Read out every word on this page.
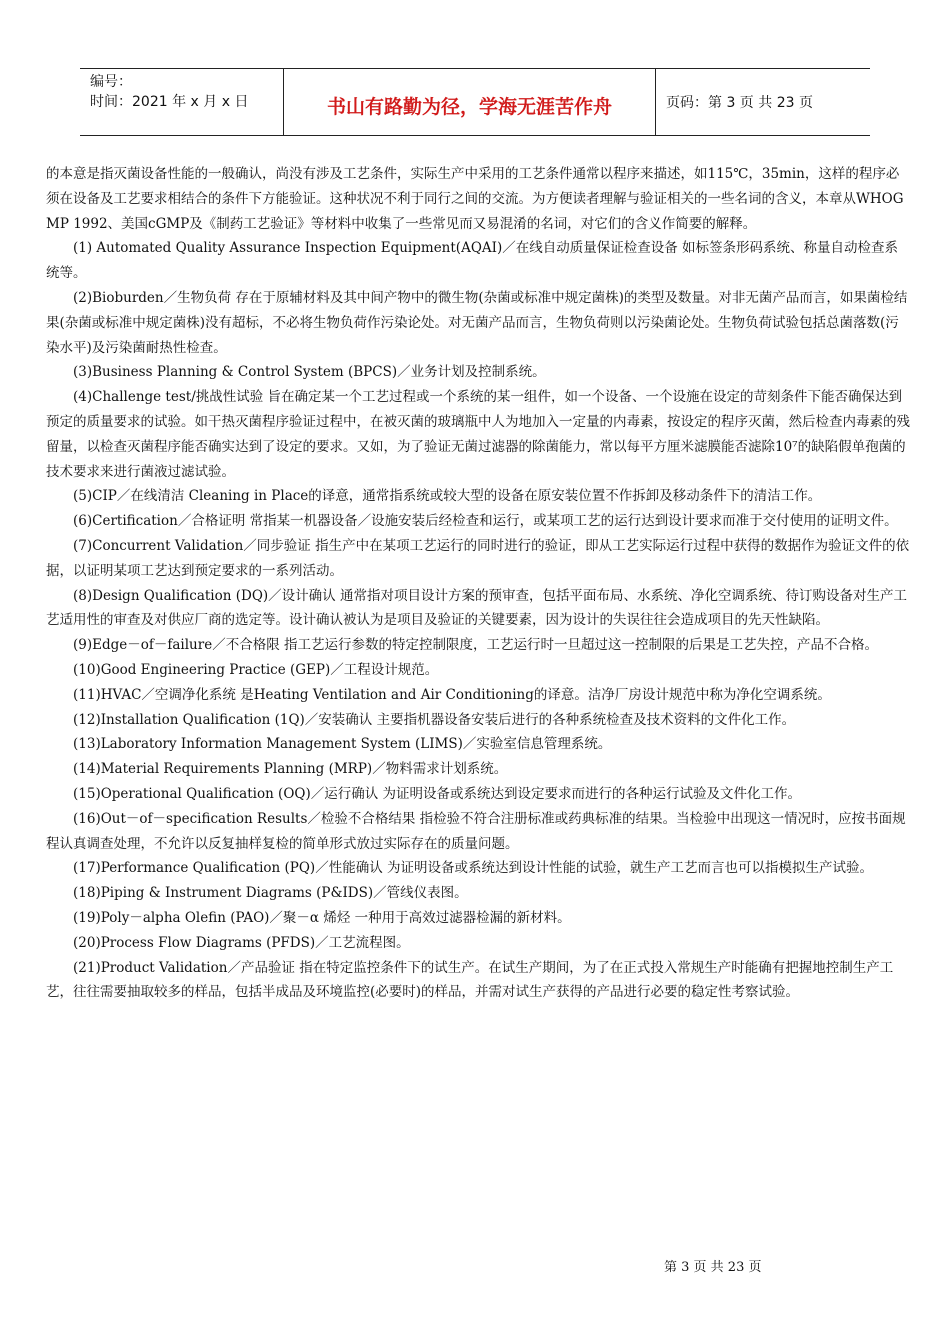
编号：
时间：2021 年 x 月 x 日	书山有路勤为径，学海无涯苦作舟	页码：第 3 页 共 23 页

的本意是指灭菌设备性能的一般确认，尚没有涉及工艺条件，实际生产中采用的工艺条件通常以程序来描述，如115℃，35min，这样的程序必须在设备及工艺要求相结合的条件下方能验证。这种状况不利于同行之间的交流。为方便读者理解与验证相关的一些名词的含义，本章从WHOGMP 1992、美国cGMP及《制药工艺验证》等材料中收集了一些常见而又易混淆的名词，对它们的含义作简要的解释。

(1) Automated Quality Assurance Inspection Equipment(AQAI)／在线自动质量保证检查设备 如标签条形码系统、称量自动检查系统等。

(2)Bioburden／生物负荷 存在于原辅材料及其中间产物中的微生物(杂菌或标准中规定菌株)的类型及数量。对非无菌产品而言，如果菌检结果(杂菌或标准中规定菌株)没有超标，不必将生物负荷作污染论处。对无菌产品而言，生物负荷则以污染菌论处。生物负荷试验包括总菌落数(污染水平)及污染菌耐热性检查。

(3)Business Planning & Control System (BPCS)／业务计划及控制系统。

(4)Challenge test/挑战性试验 旨在确定某一个工艺过程或一个系统的某一组件，如一个设备、一个设施在设定的苛刻条件下能否确保达到预定的质量要求的试验。如干热灭菌程序验证过程中，在被灭菌的玻璃瓶中人为地加入一定量的内毒素，按设定的程序灭菌，然后检查内毒素的残留量，以检查灭菌程序能否确实达到了设定的要求。又如，为了验证无菌过滤器的除菌能力，常以每平方厘米滤膜能否滤除10⁷的缺陷假单孢菌的技术要求来进行菌液过滤试验。

(5)CIP／在线清洁 Cleaning in Place的译意，通常指系统或较大型的设备在原安装位置不作拆卸及移动条件下的清洁工作。

(6)Certification／合格证明 常指某一机器设备／设施安装后经检查和运行，或某项工艺的运行达到设计要求而准于交付使用的证明文件。

(7)Concurrent Validation／同步验证 指生产中在某项工艺运行的同时进行的验证，即从工艺实际运行过程中获得的数据作为验证文件的依据，以证明某项工艺达到预定要求的一系列活动。

(8)Design Qualification (DQ)／设计确认 通常指对项目设计方案的预审查，包括平面布局、水系统、净化空调系统、待订购设备对生产工艺适用性的审查及对供应厂商的选定等。设计确认被认为是项目及验证的关键要素，因为设计的失误往往会造成项目的先天性缺陷。

(9)Edge－of－failure／不合格限 指工艺运行参数的特定控制限度，工艺运行时一旦超过这一控制限的后果是工艺失控，产品不合格。

(10)Good Engineering Practice (GEP)／工程设计规范。

(11)HVAC／空调净化系统 是Heating Ventilation and Air Conditioning的译意。洁净厂房设计规范中称为净化空调系统。

(12)Installation Qualification (1Q)／安装确认 主要指机器设备安装后进行的各种系统检查及技术资料的文件化工作。

(13)Laboratory Information Management System (LIMS)／实验室信息管理系统。

(14)Material Requirements Planning (MRP)／物料需求计划系统。

(15)Operational Qualification (OQ)／运行确认 为证明设备或系统达到设定要求而进行的各种运行试验及文件化工作。

(16)Out－of－specification Results／检验不合格结果 指检验不符合注册标准或药典标准的结果。当检验中出现这一情况时，应按书面规程认真调查处理，不允许以反复抽样复检的简单形式放过实际存在的质量问题。

(17)Performance Qualification (PQ)／性能确认 为证明设备或系统达到设计性能的试验，就生产工艺而言也可以指模拟生产试验。

(18)Piping & Instrument Diagrams (P&IDS)／管线仪表图。

(19)Poly－alpha Olefin (PAO)／聚－α 烯烃 一种用于高效过滤器检漏的新材料。

(20)Process Flow Diagrams (PFDS)／工艺流程图。

(21)Product Validation／产品验证 指在特定监控条件下的试生产。在试生产期间，为了在正式投入常规生产时能确有把握地控制生产工艺，往往需要抽取较多的样品，包括半成品及环境监控(必要时)的样品，并需对试生产获得的产品进行必要的稳定性考察试验。

第 3 页 共 23 页
